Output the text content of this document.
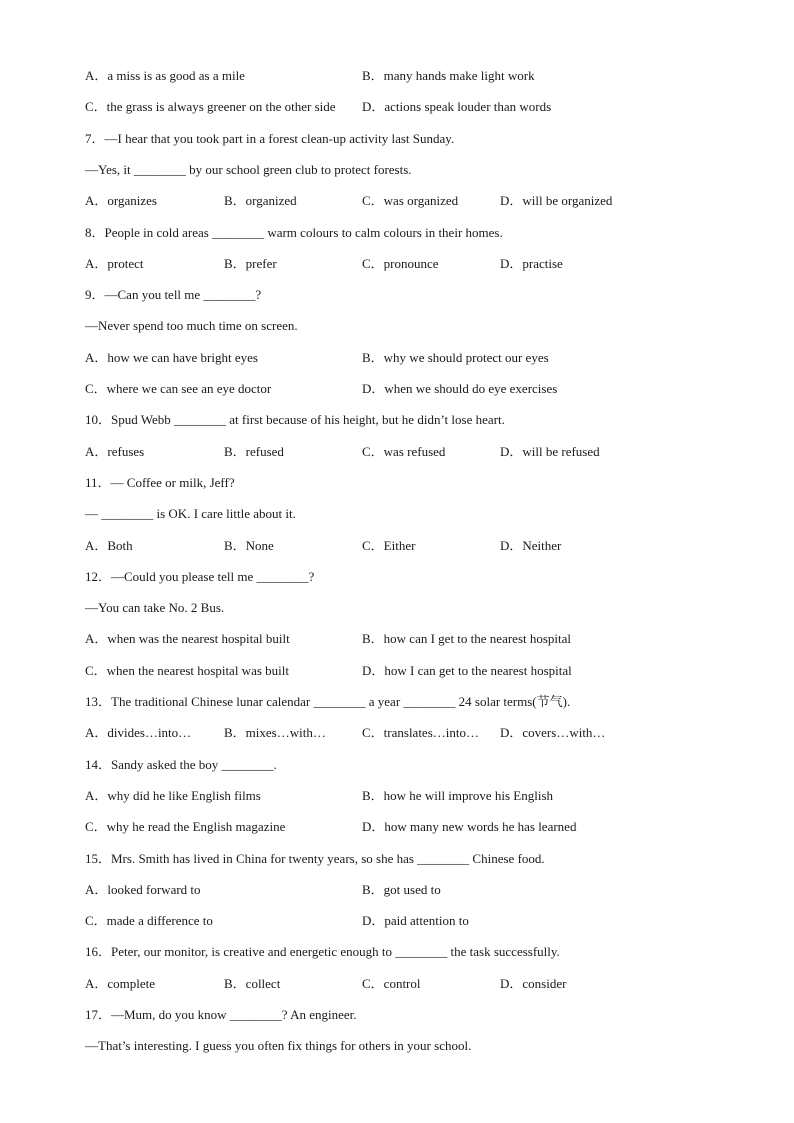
A．a miss is as good as a mile	B．many hands make light work
C．the grass is always greener on the other side D．actions speak louder than words
7．—I hear that you took part in a forest clean-up activity last Sunday.
—Yes, it ________ by our school green club to protect forests.
A．organizes	B．organized	C．was organized	D．will be organized
8．People in cold areas ________ warm colours to calm colours in their homes.
A．protect	B．prefer	C．pronounce	D．practise
9．—Can you tell me ________?
—Never spend too much time on screen.
A．how we can have bright eyes	B．why we should protect our eyes
C．where we can see an eye doctor	D．when we should do eye exercises
10．Spud Webb ________ at first because of his height, but he didn’t lose heart.
A．refuses	B．refused	C．was refused	D．will be refused
11．— Coffee or milk, Jeff?
— ________ is OK. I care little about it.
A．Both	B．None	C．Either	D．Neither
12．—Could you please tell me ________?
—You can take No. 2 Bus.
A．when was the nearest hospital built	B．how can I get to the nearest hospital
C．when the nearest hospital was built	D．how I can get to the nearest hospital
13．The traditional Chinese lunar calendar ________ a year ________ 24 solar terms(节气).
A．divides…into…	B．mixes…with…	C．translates…into… D．covers…with…
14．Sandy asked the boy ________.
A．why did he like English films	B．how he will improve his English
C．why he read the English magazine	D．how many new words he has learned
15．Mrs. Smith has lived in China for twenty years, so she has ________ Chinese food.
A．looked forward to	B．got used to
C．made a difference to	D．paid attention to
16．Peter, our monitor, is creative and energetic enough to ________ the task successfully.
A．complete	B．collect	C．control	D．consider
17．—Mum, do you know ________? An engineer.
—That’s interesting. I guess you often fix things for others in your school.
